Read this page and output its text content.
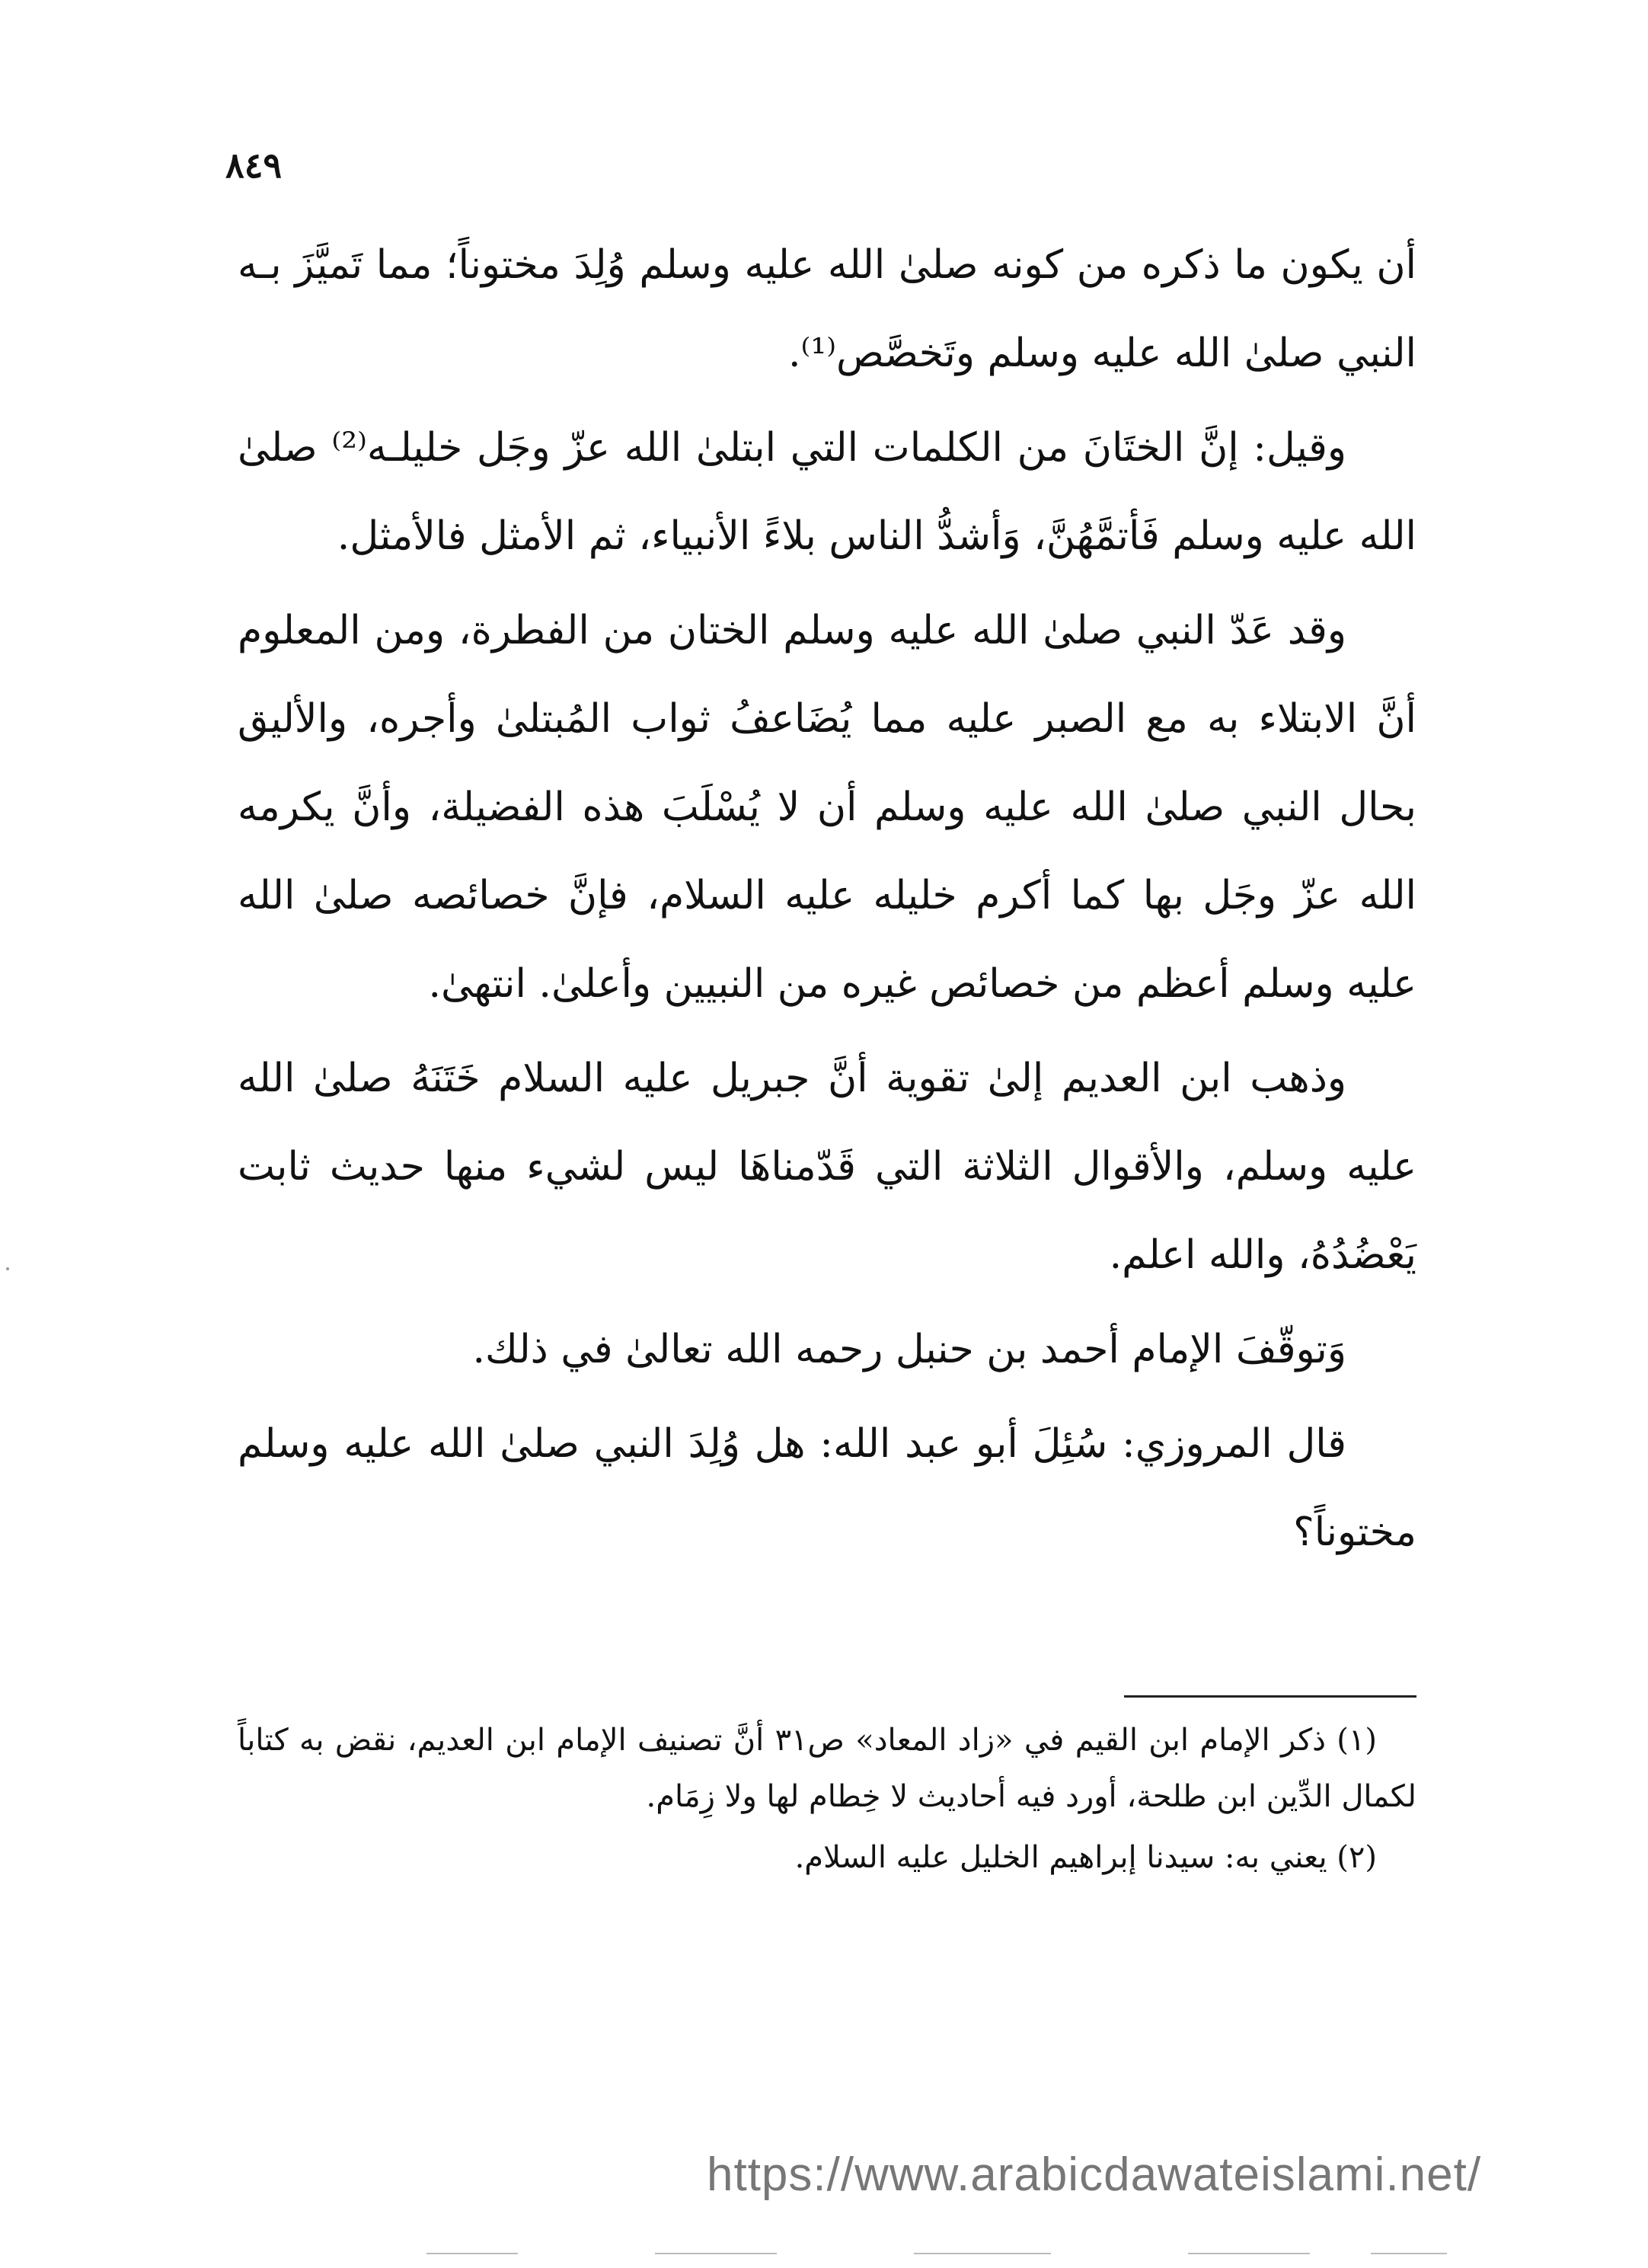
٨٤٩

أن يكون ما ذكره من كونه صلىٰ الله عليه وسلم وُلِدَ مختوناً؛ مما تَميَّزَ بـه النبي صلىٰ الله عليه وسلم وتَخصَّص⁽¹⁾.

وقيل: إنَّ الختَانَ من الكلمات التي ابتلىٰ الله عزّ وجَل خليلـه⁽²⁾ صلىٰ الله عليه وسلم فَأتمَّهُنَّ، وَأشدُّ الناس بلاءً الأنبياء، ثم الأمثل فالأمثل.

وقد عَدّ النبي صلىٰ الله عليه وسلم الختان من الفطرة، ومن المعلوم أنَّ الابتلاء به مع الصبر عليه مما يُضَاعفُ ثواب المُبتلىٰ وأجره، والأليق بحال النبي صلىٰ الله عليه وسلم أن لا يُسْلَبَ هذه الفضيلة، وأنَّ يكرمه الله عزّ وجَل بها كما أكرم خليله عليه السلام، فإنَّ خصائصه صلىٰ الله عليه وسلم أعظم من خصائص غيره من النبيين وأعلىٰ. انتهىٰ.

وذهب ابن العديم إلىٰ تقوية أنَّ جبريل عليه السلام خَتَنَهُ صلىٰ الله عليه وسلم، والأقوال الثلاثة التي قَدّمناهَا ليس لشيء منها حديث ثابت يَعْضُدُهُ، والله اعلم.

وَتوقّفَ الإمام أحمد بن حنبل رحمه الله تعالىٰ في ذلك.

قال المروزي: سُئِلَ أبو عبد الله: هل وُلِدَ النبي صلىٰ الله عليه وسلم مختوناً؟

(١) ذكر الإمام ابن القيم في «زاد المعاد» ص٣١ أنَّ تصنيف الإمام ابن العديم، نقض به كتاباً لكمال الدِّين ابن طلحة، أورد فيه أحاديث لا خِطام لها ولا زِمَام.

(٢) يعني به: سيدنا إبراهيم الخليل عليه السلام.

https://www.arabicdawateislami.net/
